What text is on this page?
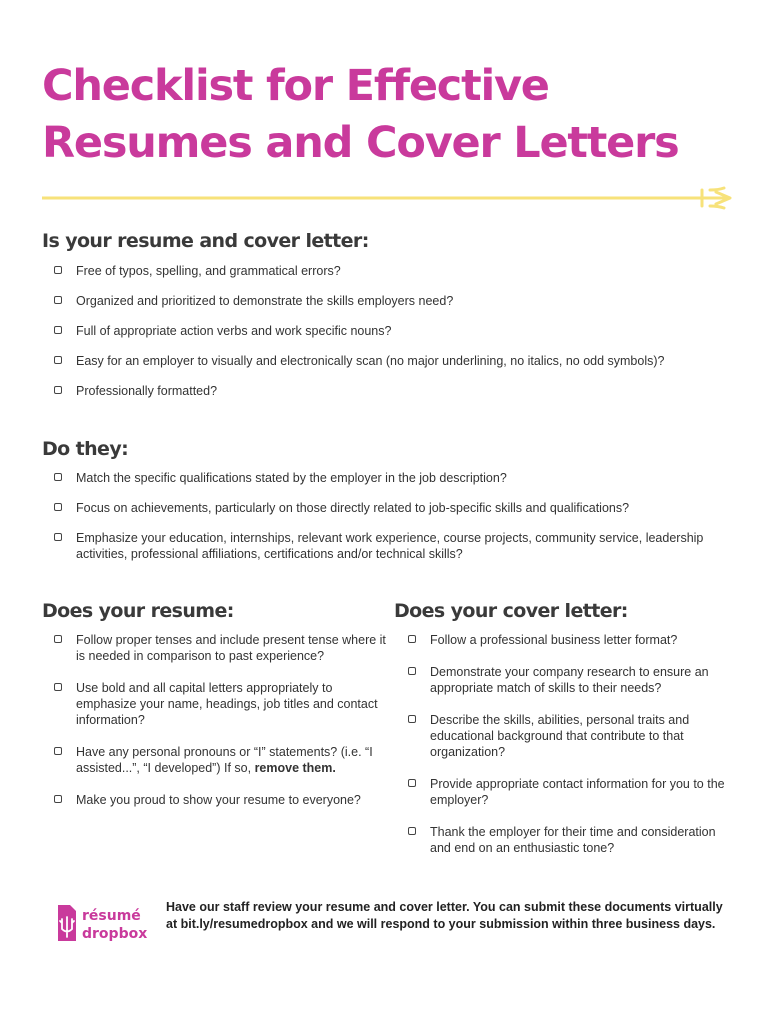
Checklist for Effective
Resumes and Cover Letters
Is your resume and cover letter:
Free of typos, spelling, and grammatical errors?
Organized and prioritized to demonstrate the skills employers need?
Full of appropriate action verbs and work specific nouns?
Easy for an employer to visually and electronically scan (no major underlining, no italics, no odd symbols)?
Professionally formatted?
Do they:
Match the specific qualifications stated by the employer in the job description?
Focus on achievements, particularly on those directly related to job-specific skills and qualifications?
Emphasize your education, internships, relevant work experience, course projects, community service, leadership activities, professional affiliations, certifications and/or technical skills?
Does your resume:
Follow proper tenses and include present tense where it is needed in comparison to past experience?
Use bold and all capital letters appropriately to emphasize your name, headings, job titles and contact information?
Have any personal pronouns or “I” statements? (i.e. “I assisted...”, “I developed”) If so, remove them.
Make you proud to show your resume to everyone?
Does your cover letter:
Follow a professional business letter format?
Demonstrate your company research to ensure an appropriate match of skills to their needs?
Describe the skills, abilities, personal traits and educational background that contribute to that organization?
Provide appropriate contact information for you to the employer?
Thank the employer for their time and consideration and end on an enthusiastic tone?
résumé
dropbox

Have our staff review your resume and cover letter. You can submit these documents virtually at bit.ly/resumedropbox and we will respond to your submission within three business days.
